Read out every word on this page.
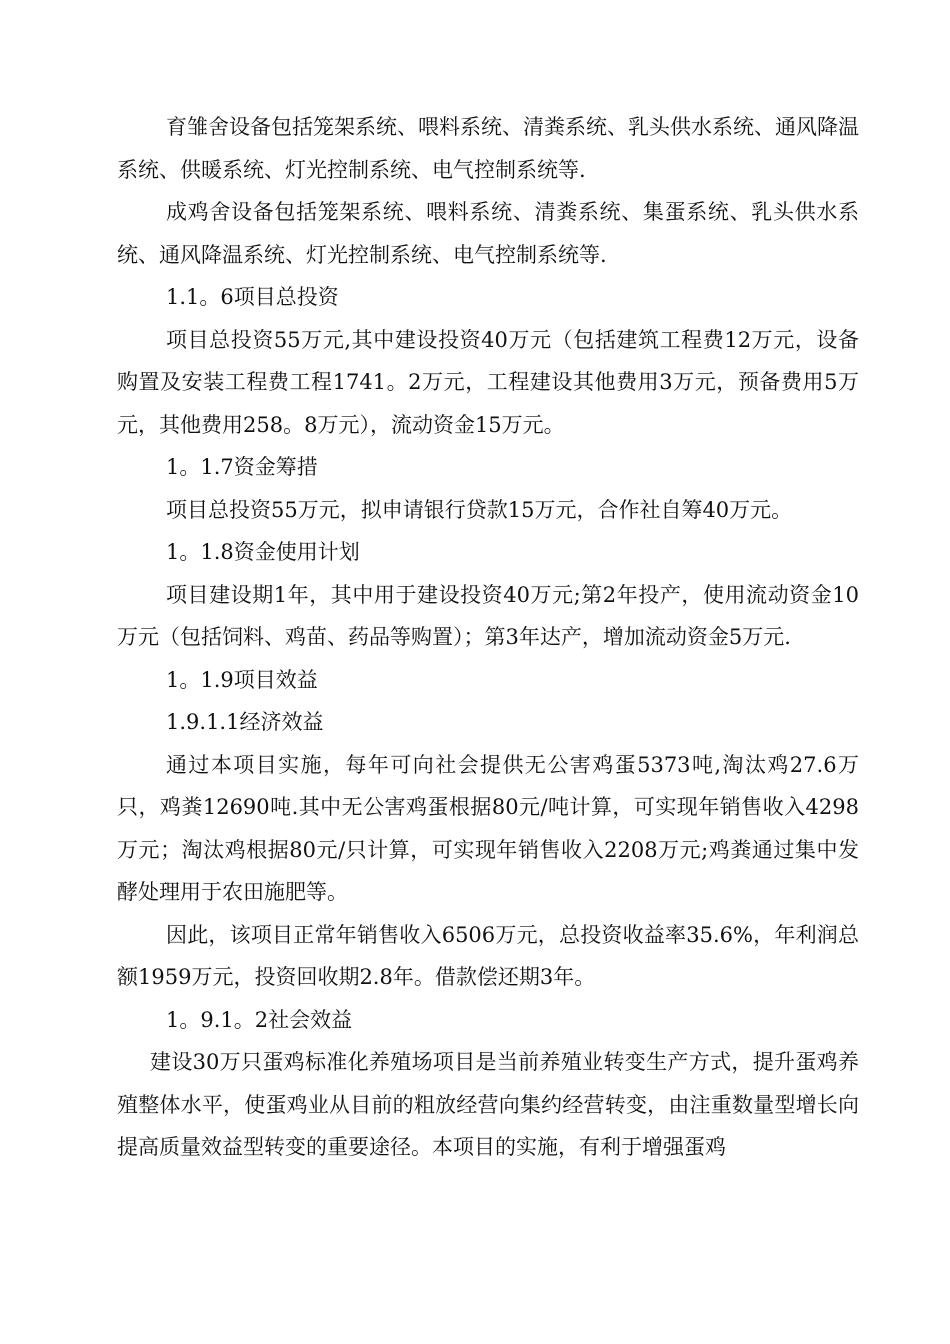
育雏舍设备包括笼架系统、喂料系统、清粪系统、乳头供水系统、通风降温系统、供暖系统、灯光控制系统、电气控制系统等.

成鸡舍设备包括笼架系统、喂料系统、清粪系统、集蛋系统、乳头供水系统、通风降温系统、灯光控制系统、电气控制系统等.

1.1。6项目总投资

项目总投资55万元,其中建设投资40万元（包括建筑工程费12万元，设备购置及安装工程费工程1741。2万元，工程建设其他费用3万元，预备费用5万元，其他费用258。8万元），流动资金15万元。

1。1.7资金筹措

项目总投资55万元，拟申请银行贷款15万元，合作社自筹40万元。

1。1.8资金使用计划

项目建设期1年，其中用于建设投资40万元;第2年投产，使用流动资金10万元（包括饲料、鸡苗、药品等购置）；第3年达产，增加流动资金5万元.

1。1.9项目效益

1.9.1.1经济效益

通过本项目实施，每年可向社会提供无公害鸡蛋5373吨,淘汰鸡27.6万只，鸡粪12690吨.其中无公害鸡蛋根据80元/吨计算，可实现年销售收入4298万元；淘汰鸡根据80元/只计算，可实现年销售收入2208万元;鸡粪通过集中发酵处理用于农田施肥等。

因此，该项目正常年销售收入6506万元，总投资收益率35.6%，年利润总额1959万元，投资回收期2.8年。借款偿还期3年。

1。9.1。2社会效益

建设30万只蛋鸡标准化养殖场项目是当前养殖业转变生产方式，提升蛋鸡养殖整体水平，使蛋鸡业从目前的粗放经营向集约经营转变，由注重数量型增长向提高质量效益型转变的重要途径。本项目的实施，有利于增强蛋鸡
